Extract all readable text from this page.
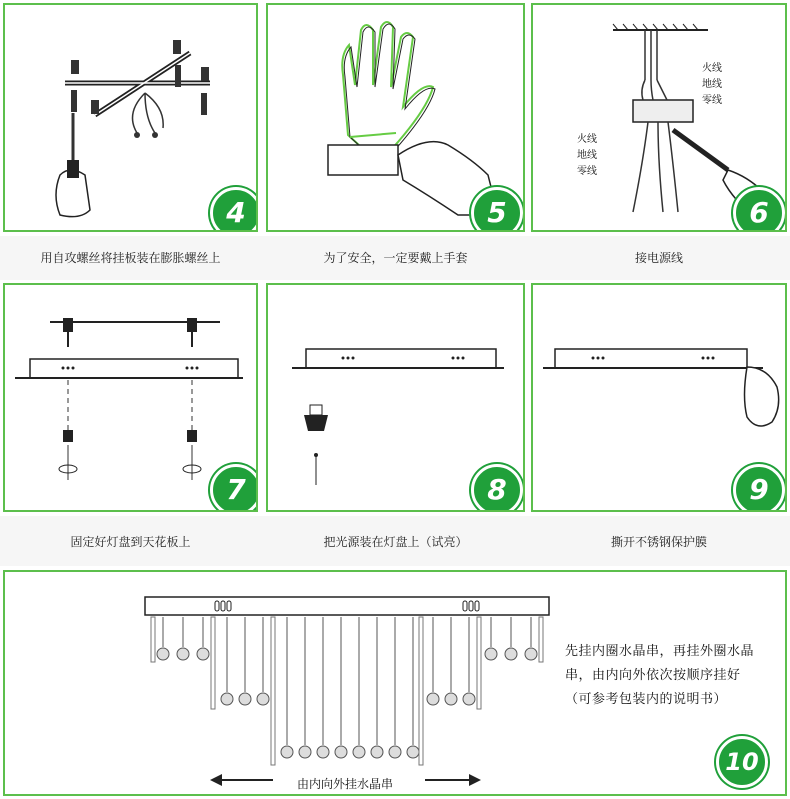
4	5
火线
地线
零线
火线
地线
零线
6
用自攻螺丝将挂板装在膨胀螺丝上	为了安全，一定要戴上手套	接电源线
7	8	9
固定好灯盘到天花板上	把光源装在灯盘上（试亮）	撕开不锈钢保护膜
10
先挂内圈水晶串，再挂外圈水晶串，由内向外依次按顺序挂好（可参考包装内的说明书）
由内向外挂水晶串
